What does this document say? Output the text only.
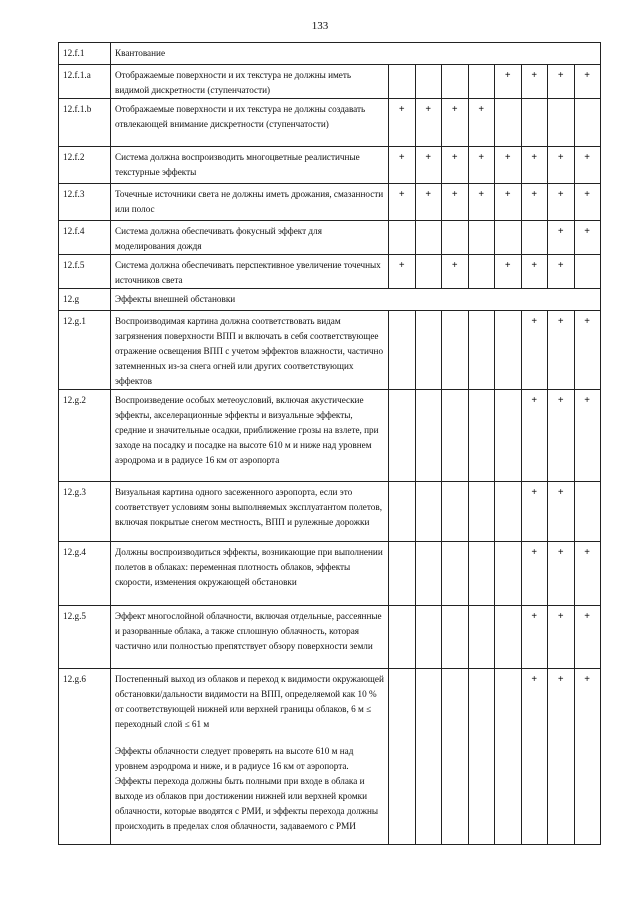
133
12.f.1	Квантование								

12.f.1.a	Отображаемые поверхности и их текстура не должны иметь видимой дискретности (ступенчатости)					+	+	+	+
12.f.1.b	Отображаемые поверхности и их текстура не должны создавать отвлекающей внимание дискретности (ступенчатости)	+	+	+	+				
12.f.2	Система должна воспроизводить многоцветные реалистичные текстурные эффекты	+	+	+	+	+	+	+	+
12.f.3	Точечные источники света не должны иметь дрожания, смазанности или полос	+	+	+	+	+	+	+	+
12.f.4	Система должна обеспечивать фокусный эффект для моделирования дождя							+	+
12.f.5	Система должна обеспечивать перспективное увеличение точечных источников света	+		+		+	+	+	
12.g	Эффекты внешней обстановки								

12.g.1	Воспроизводимая картина должна соответствовать видам загрязнения поверхности ВПП и включать в себя соответствующее отражение освещения ВПП с учетом эффектов влажности, частично затемненных из-за снега огней или других соответствующих эффектов						+	+	+
12.g.2	Воспроизведение особых метеоусловий, включая акустические эффекты, акселерационные эффекты и визуальные эффекты, средние и значительные осадки, приближение грозы на взлете, при заходе на посадку и посадке на высоте 610 м и ниже над уровнем аэродрома и в радиусе 16 км от аэропорта						+	+	+
12.g.3	Визуальная картина одного засеженного аэропорта, если это соответствует условиям зоны выполняемых эксплуатантом полетов, включая покрытые снегом местность, ВПП и рулежные дорожки						+	+	
12.g.4	Должны воспроизводиться эффекты, возникающие при выполнении полетов в облаках: переменная плотность облаков, эффекты скорости, изменения окружающей обстановки						+	+	+
12.g.5	Эффект многослойной облачности, включая отдельные, рассеянные и разорванные облака, а также сплошную облачность, которая частично или полностью препятствует обзору поверхности земли						+	+	+
12.g.6	Постепенный выход из облаков и переход к видимости окружающей обстановки/дальности видимости на ВПП, определяемой как 10 % от соответствующей нижней или верхней границы облаков, 6 м ≤ переходный слой ≤ 61 м

Эффекты облачности следует проверять на высоте 610 м над уровнем аэродрома и ниже, и в радиусе 16 км от аэропорта. Эффекты перехода должны быть полными при входе в облака и выходе из облаков при достижении нижней или верхней кромки облачности, которые вводятся с РМИ, и эффекты перехода должны происходить в пределах слоя облачности, задаваемого с РМИ						+	+	+
